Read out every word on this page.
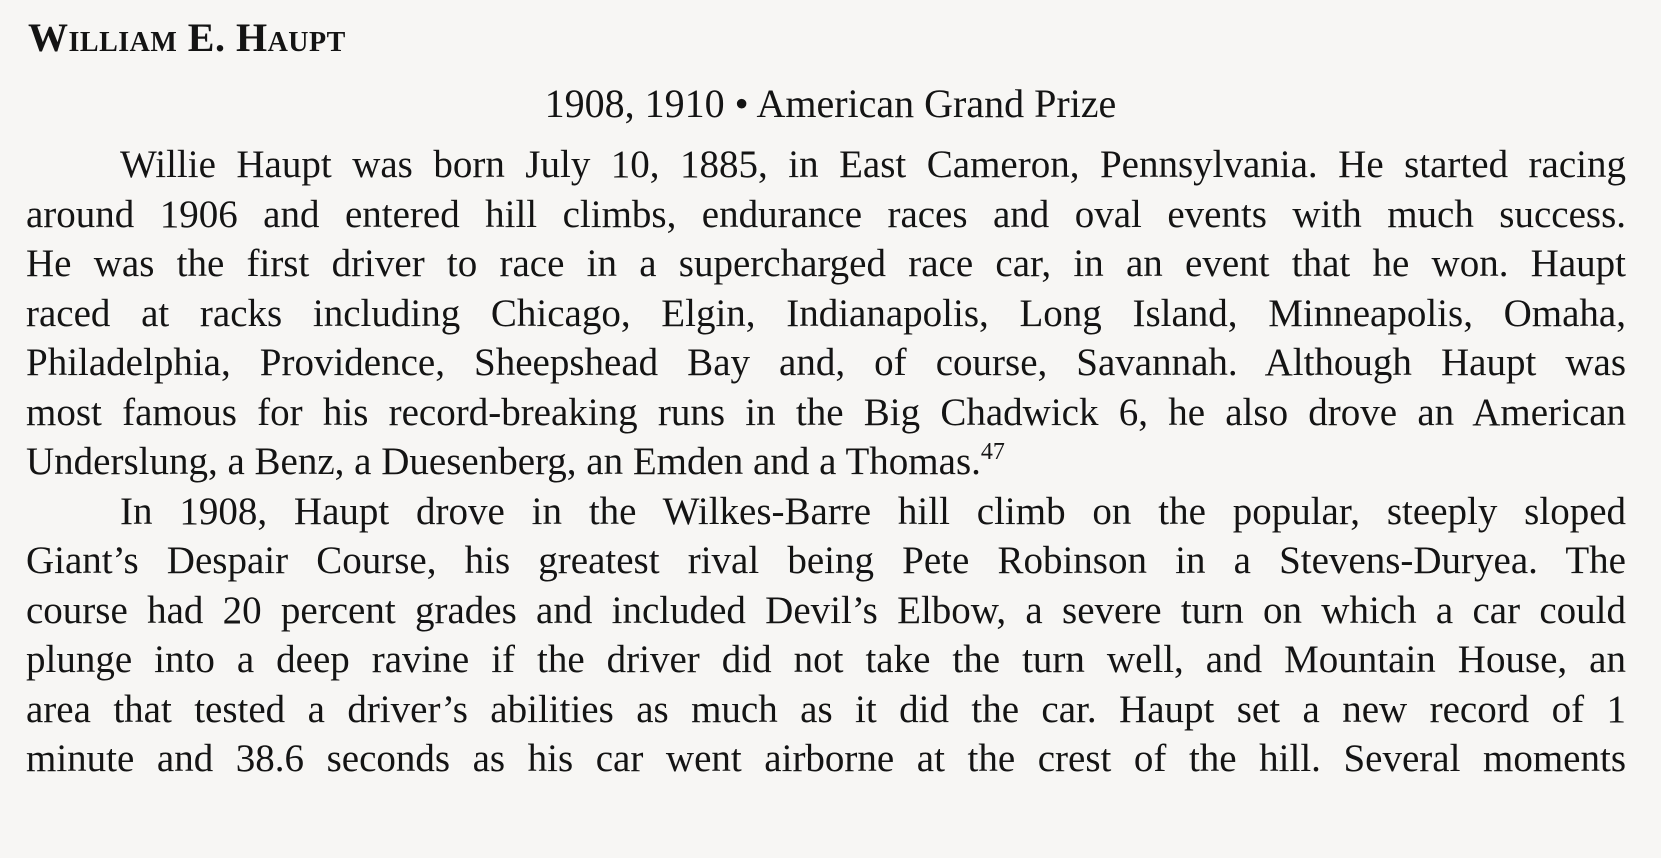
William E. Haupt
1908, 1910 • American Grand Prize
Willie Haupt was born July 10, 1885, in East Cameron, Pennsylvania. He started racing
around 1906 and entered hill climbs, endurance races and oval events with much success.
He was the first driver to race in a supercharged race car, in an event that he won. Haupt
raced at racks including Chicago, Elgin, Indianapolis, Long Island, Minneapolis, Omaha,
Philadelphia, Providence, Sheepshead Bay and, of course, Savannah. Although Haupt was
most famous for his record-breaking runs in the Big Chadwick 6, he also drove an American
Underslung, a Benz, a Duesenberg, an Emden and a Thomas.$^{47}$
In 1908, Haupt drove in the Wilkes-Barre hill climb on the popular, steeply sloped
Giant’s Despair Course, his greatest rival being Pete Robinson in a Stevens-Duryea. The
course had 20 percent grades and included Devil’s Elbow, a severe turn on which a car could
plunge into a deep ravine if the driver did not take the turn well, and Mountain House, an
area that tested a driver’s abilities as much as it did the car. Haupt set a new record of 1
minute and 38.6 seconds as his car went airborne at the crest of the hill. Several moments
